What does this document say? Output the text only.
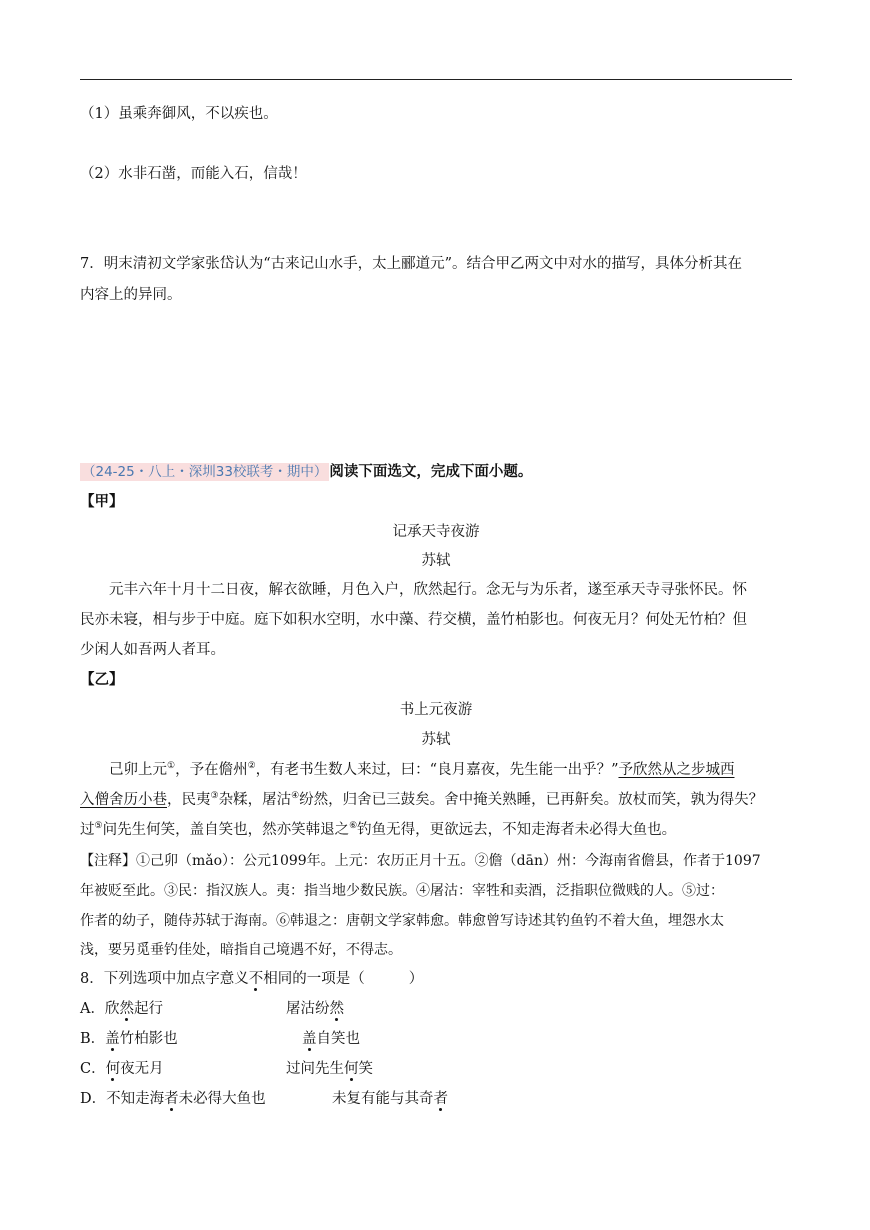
（1）虽乘奔御风，不以疾也。
（2）水非石凿，而能入石，信哉！
7．明末清初文学家张岱认为“古来记山水手，太上郦道元”。结合甲乙两文中对水的描写，具体分析其在
内容上的异同。
（24-25・八上・深圳33校联考・期中） 阅读下面选文，完成下面小题。
【甲】
记承天寺夜游
苏轼
元丰六年十月十二日夜，解衣欲睡，月色入户，欣然起行。念无与为乐者，遂至承天寺寻张怀民。怀
民亦未寝，相与步于中庭。庭下如积水空明，水中藻、荇交横，盖竹柏影也。何夜无月？何处无竹柏？但
少闲人如吾两人者耳。
【乙】
书上元夜游
苏轼
己卯上元①，予在儋州②，有老书生数人来过，曰：“良月嘉夜，先生能一出乎？”予欣然从之步城西
入僧舍历小巷，民夷③杂糅，屠沽④纷然，归舍已三鼓矣。舍中掩关熟睡，已再鼾矣。放杖而笑，孰为得失？
过⑤问先生何笑，盖自笑也，然亦笑韩退之⑥钓鱼无得，更欲远去，不知走海者未必得大鱼也。
【注释】①己卯（mǎo）：公元1099年。上元：农历正月十五。②儋（dān）州：今海南省儋县，作者于1097
年被贬至此。③民：指汉族人。夷：指当地少数民族。④屠沽：宰牲和卖酒，泛指职位微贱的人。⑤过：
作者的幼子，随侍苏轼于海南。⑥韩退之：唐朝文学家韩愈。韩愈曾写诗述其钓鱼钓不着大鱼，埋怨水太
浅，要另觅垂钓佳处，暗指自己境遇不好，不得志。
8．下列选项中加点字意义不相同的一项是（	）
A．欣然起行	屠沽纷然
B．盖竹柏影也	盖自笑也
C．何夜无月	过问先生何笑
D．不知走海者未必得大鱼也	未复有能与其奇者
